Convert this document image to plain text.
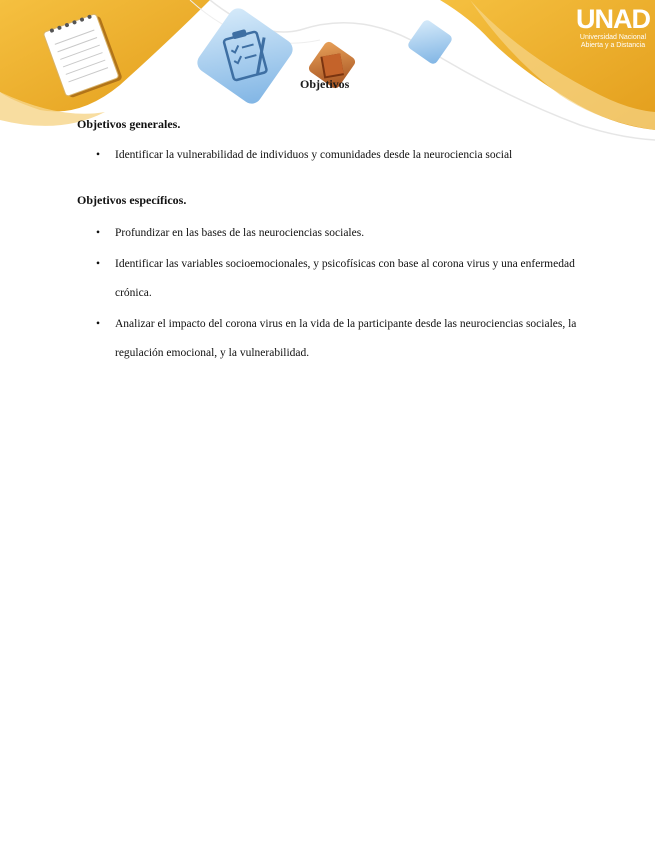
UNAD
Universidad Nacional
Abierta y a Distancia
Objetivos
Objetivos generales.
•	Identificar la vulnerabilidad de individuos y comunidades desde la neurociencia social
Objetivos específicos.
•	Profundizar en las bases de las neurociencias sociales.
•	Identificar las variables socioemocionales, y psicofísicas con base al corona virus y una enfermedad crónica.
•	Analizar el impacto del corona virus en la vida de la participante desde las neurociencias sociales, la regulación emocional, y la vulnerabilidad.
